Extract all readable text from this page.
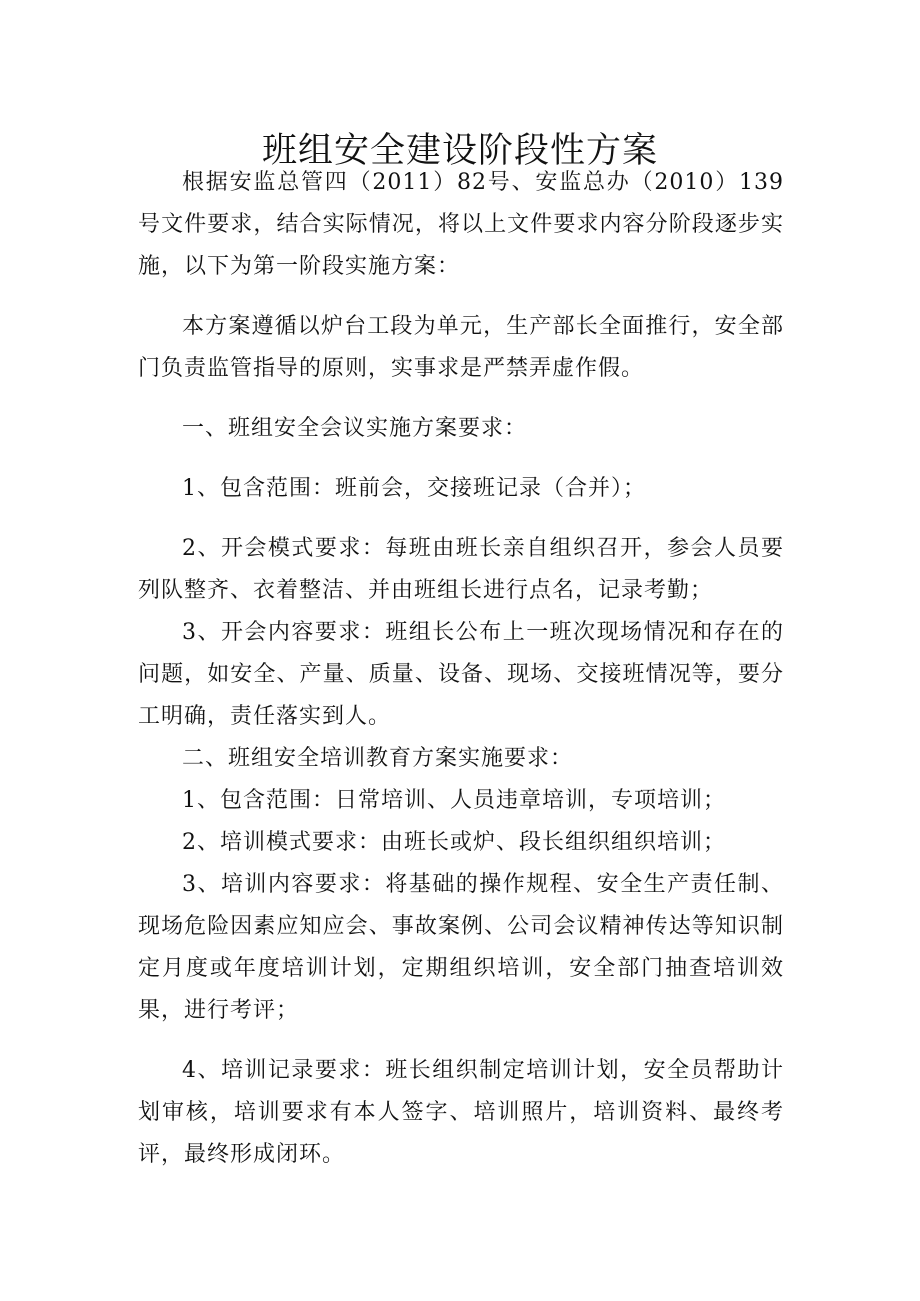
班组安全建设阶段性方案

根据安监总管四（2011）82号、安监总办（2010）139号文件要求，结合实际情况，将以上文件要求内容分阶段逐步实施，以下为第一阶段实施方案：

本方案遵循以炉台工段为单元，生产部长全面推行，安全部门负责监管指导的原则，实事求是严禁弄虚作假。

一、班组安全会议实施方案要求：

1、包含范围：班前会，交接班记录（合并）；

2、开会模式要求：每班由班长亲自组织召开，参会人员要列队整齐、衣着整洁、并由班组长进行点名，记录考勤；

3、开会内容要求：班组长公布上一班次现场情况和存在的问题，如安全、产量、质量、设备、现场、交接班情况等，要分工明确，责任落实到人。

二、班组安全培训教育方案实施要求：

1、包含范围：日常培训、人员违章培训，专项培训；

2、培训模式要求：由班长或炉、段长组织组织培训；

3、培训内容要求：将基础的操作规程、安全生产责任制、现场危险因素应知应会、事故案例、公司会议精神传达等知识制定月度或年度培训计划，定期组织培训，安全部门抽查培训效果，进行考评；

4、培训记录要求：班长组织制定培训计划，安全员帮助计划审核，培训要求有本人签字、培训照片，培训资料、最终考评，最终形成闭环。
